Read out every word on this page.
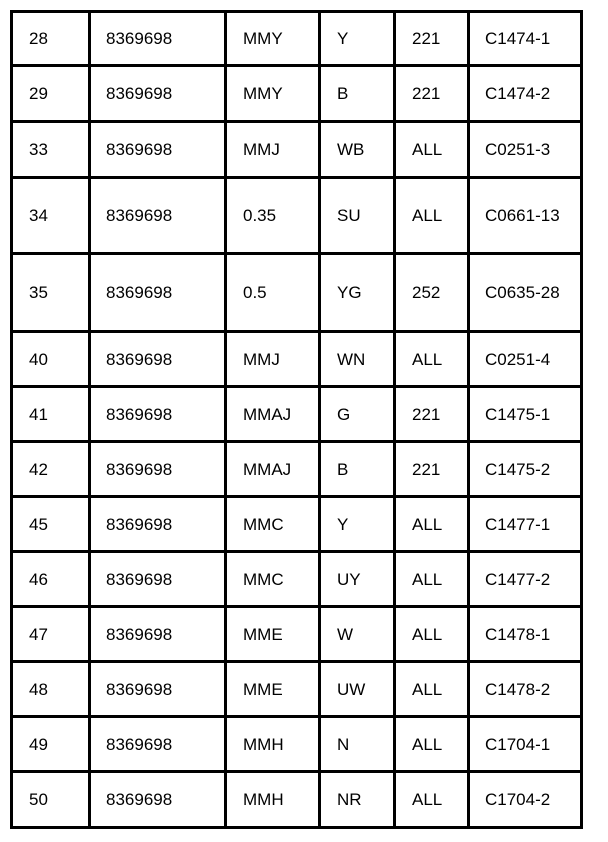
28	8369698	MMY	Y	221	C1474-1
29	8369698	MMY	B	221	C1474-2
33	8369698	MMJ	WB	ALL	C0251-3
34	8369698	0.35	SU	ALL	C0661-13
35	8369698	0.5	YG	252	C0635-28
40	8369698	MMJ	WN	ALL	C0251-4
41	8369698	MMAJ	G	221	C1475-1
42	8369698	MMAJ	B	221	C1475-2
45	8369698	MMC	Y	ALL	C1477-1
46	8369698	MMC	UY	ALL	C1477-2
47	8369698	MME	W	ALL	C1478-1
48	8369698	MME	UW	ALL	C1478-2
49	8369698	MMH	N	ALL	C1704-1
50	8369698	MMH	NR	ALL	C1704-2
